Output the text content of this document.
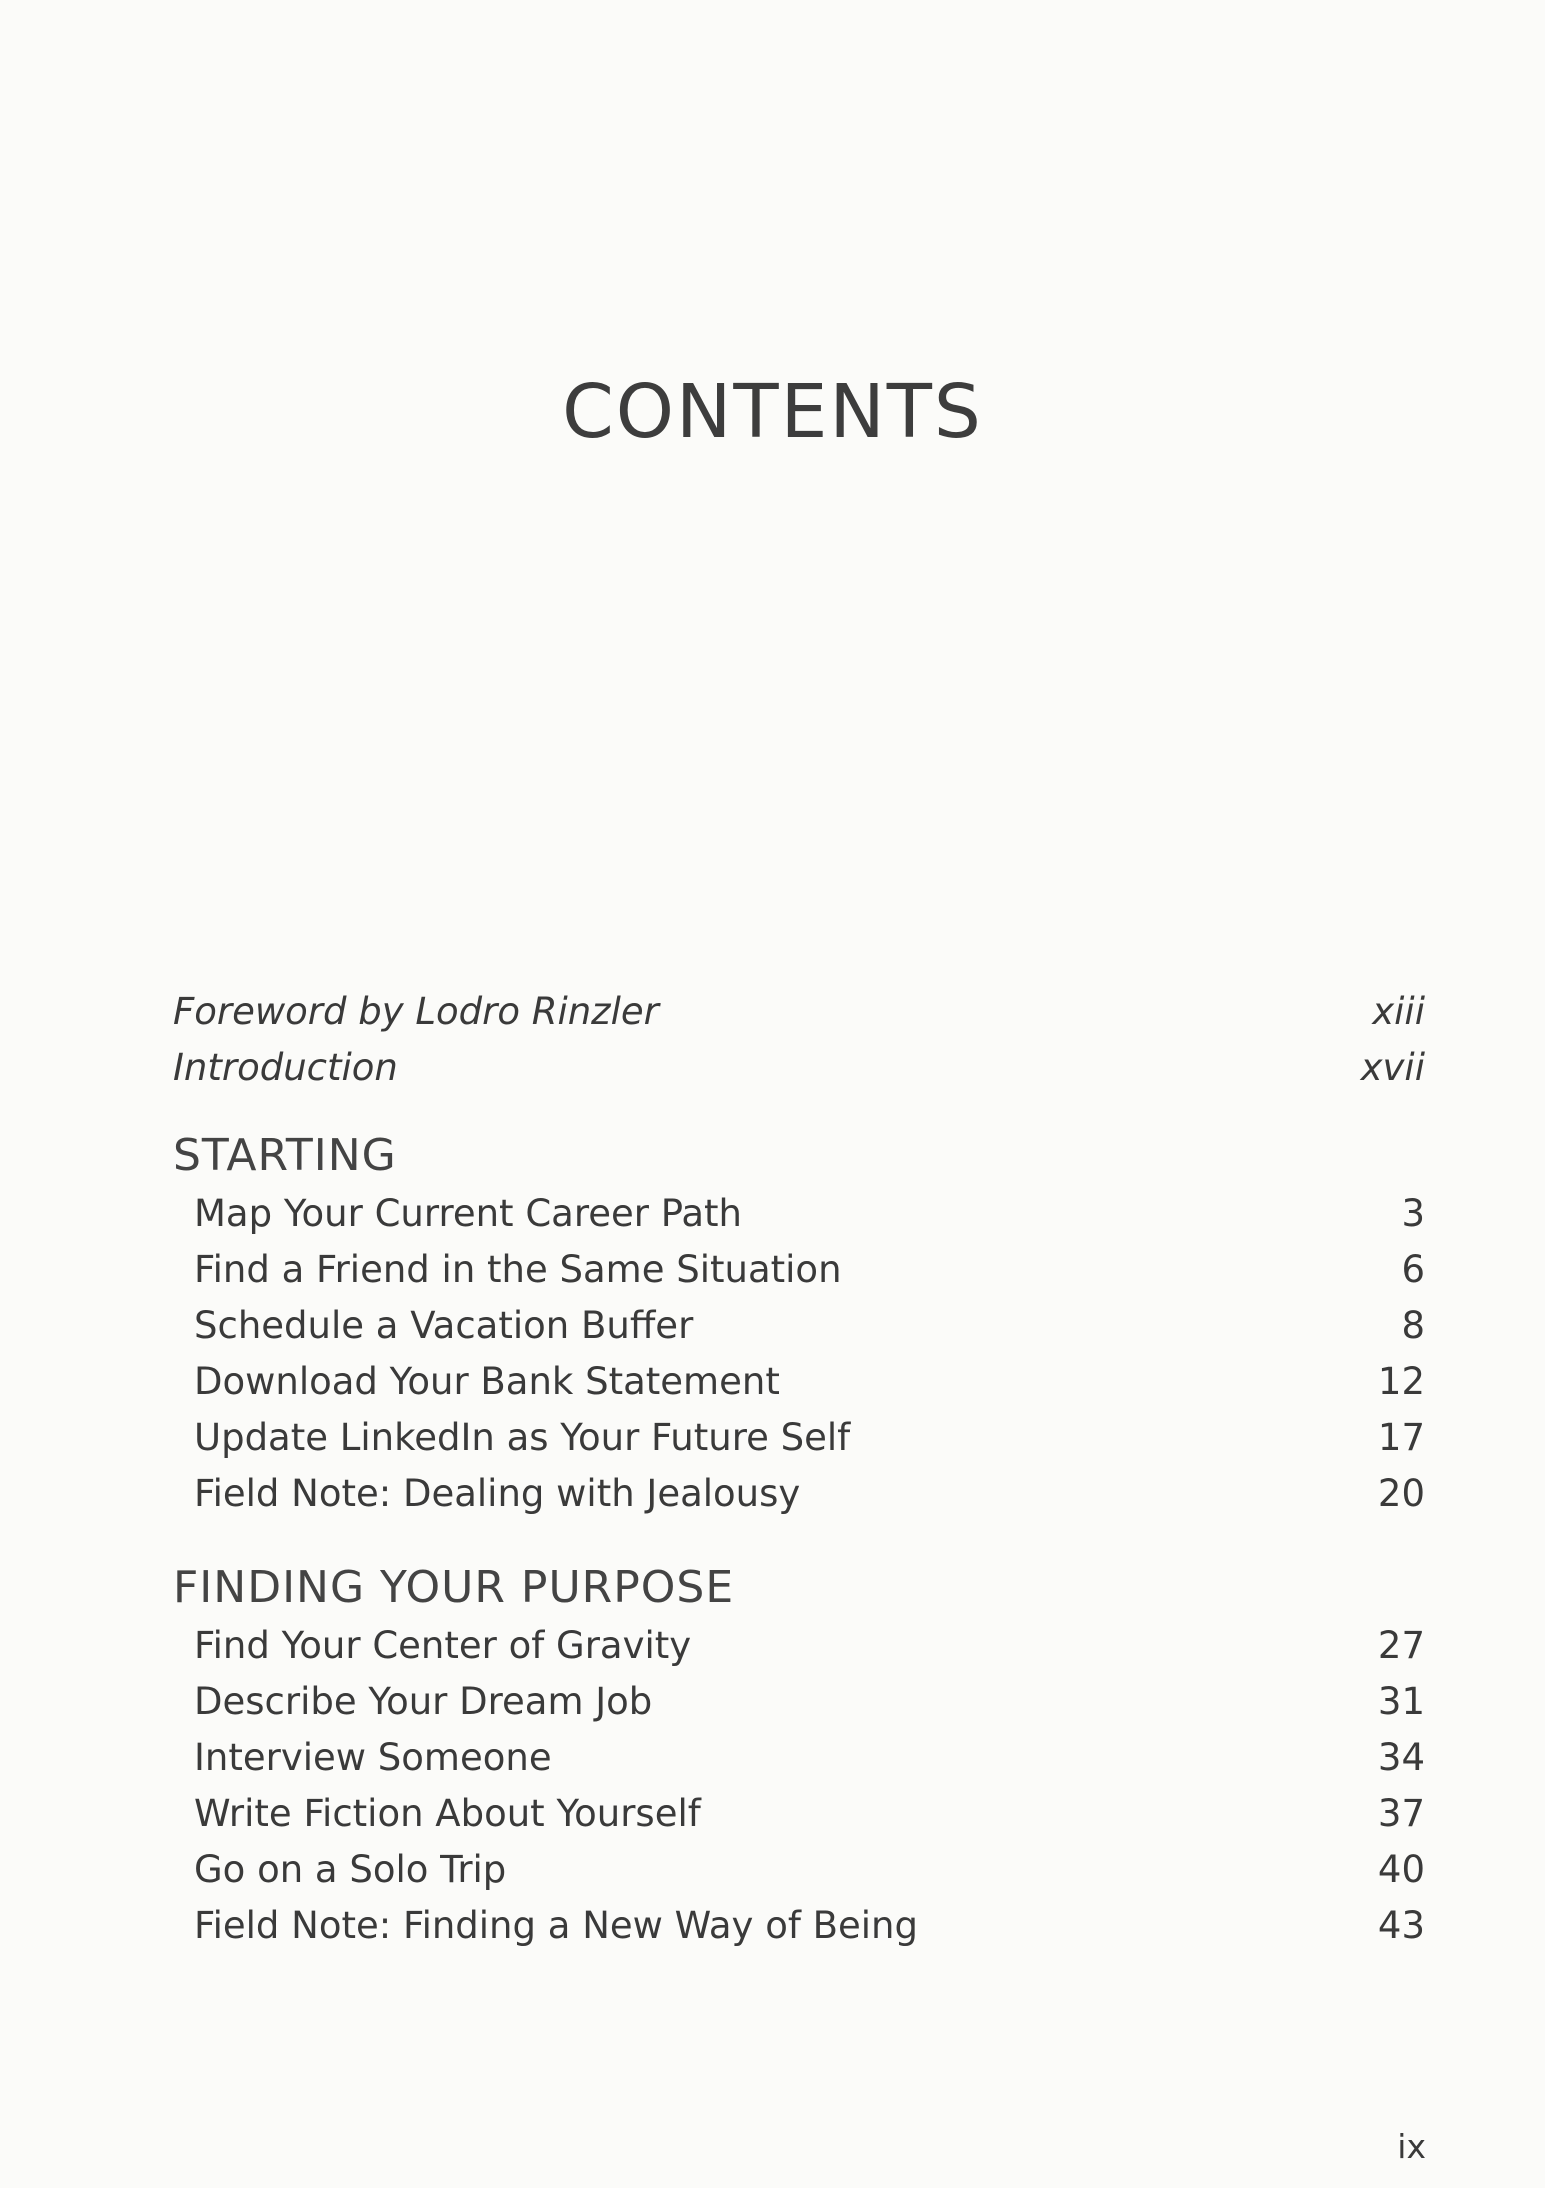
CONTENTS
Foreword by Lodro Rinzler	xiii
Introduction	xvii
STARTING
Map Your Current Career Path	3
Find a Friend in the Same Situation	6
Schedule a Vacation Buffer	8
Download Your Bank Statement	12
Update LinkedIn as Your Future Self	17
Field Note: Dealing with Jealousy	20
FINDING YOUR PURPOSE
Find Your Center of Gravity	27
Describe Your Dream Job	31
Interview Someone	34
Write Fiction About Yourself	37
Go on a Solo Trip	40
Field Note: Finding a New Way of Being	43
ix
